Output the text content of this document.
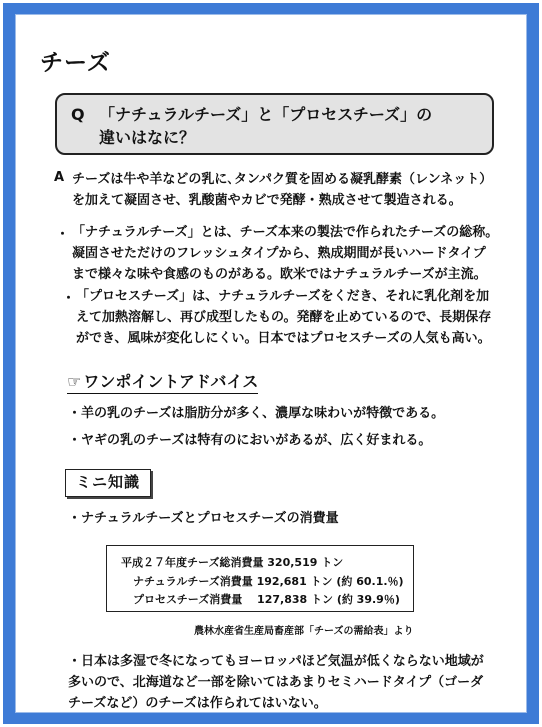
チーズ
Q 「ナチュラルチーズ」と「プロセスチーズ」の
違いはなに？
A チーズは牛や羊などの乳に､タンパク質を固める凝乳酵素（レンネット）
を加えて凝固させ、乳酸菌やカビで発酵・熟成させて製造される。
・ 「ナチュラルチーズ」とは、チーズ本来の製法で作られたチーズの総称。
凝固させただけのフレッシュタイプから、熟成期間が長いハードタイプ
まで様々な味や食感のものがある。欧米ではナチュラルチーズが主流。
・ 「プロセスチーズ」は、ナチュラルチーズをくだき、それに乳化剤を加
えて加熱溶解し、再び成型したもの。発酵を止めているので、長期保存
ができ、風味が変化しにくい。日本ではプロセスチーズの人気も高い。
☞ ワンポイントアドバイス
・羊の乳のチーズは脂肪分が多く、濃厚な味わいが特徴である。
・ヤギの乳のチーズは特有のにおいがあるが、広く好まれる。
ミニ知識
・ナチュラルチーズとプロセスチーズの消費量
平成２７年度チーズ総消費量 320,519 トン
ナチュラルチーズ消費量 192,681 トン (約 60.1.％)
プロセスチーズ消費量　 127,838 トン (約 39.9％)
農林水産省生産局畜産部「チーズの需給表」より
・日本は多湿で冬になってもヨーロッパほど気温が低くならない地域が
多いので、北海道など一部を除いてはあまりセミハードタイプ（ゴーダ
チーズなど）のチーズは作られてはいない。
